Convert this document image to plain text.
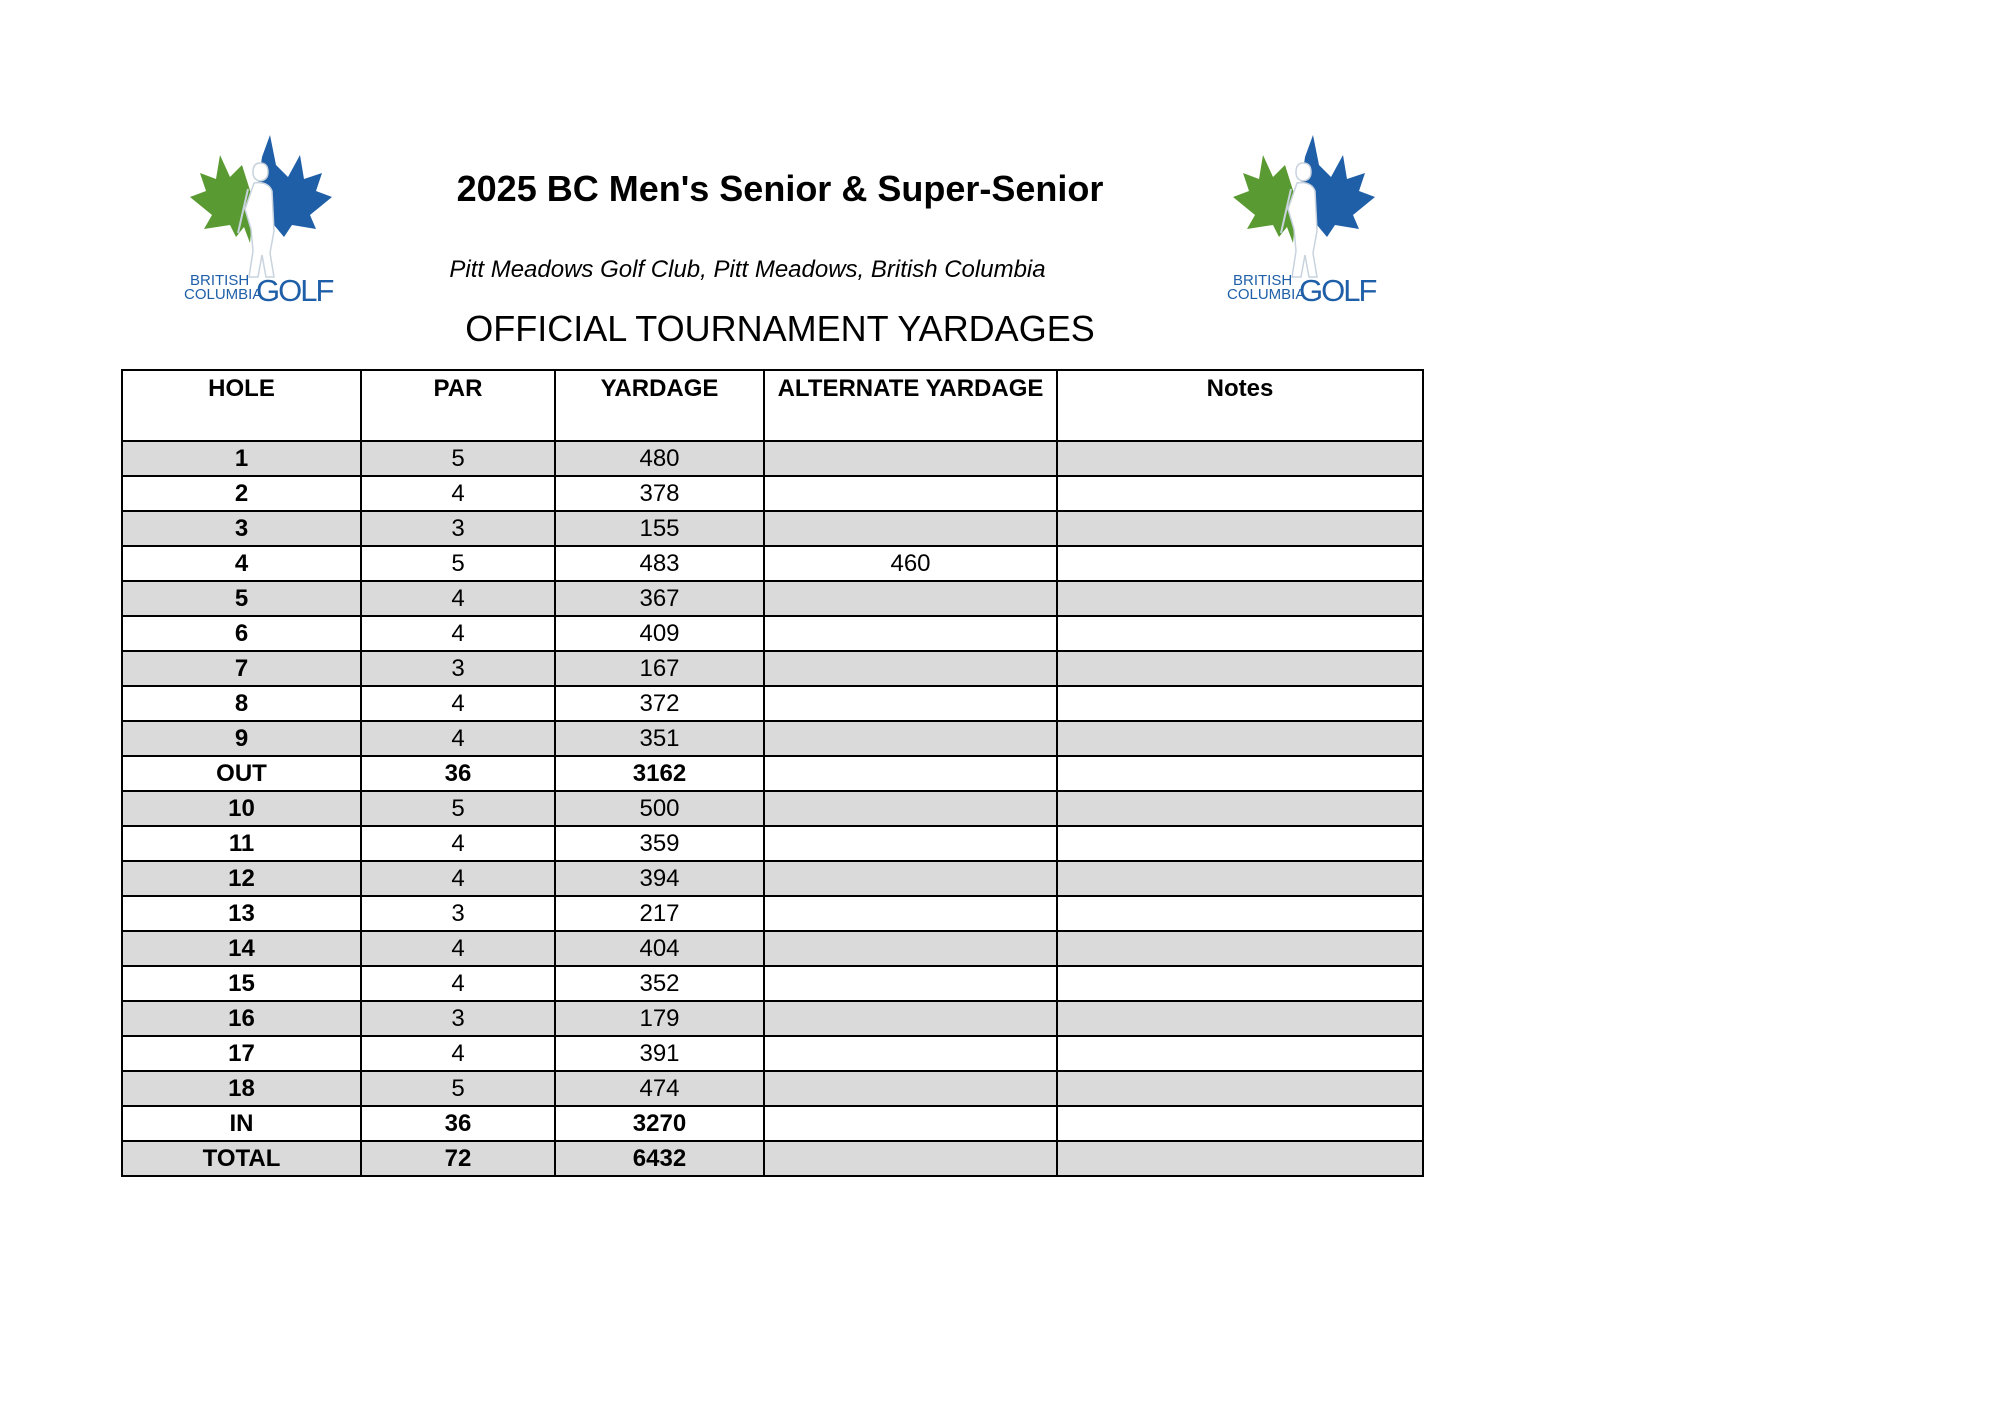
BRITISH
COLUMBIA
GOLF	BRITISH
COLUMBIA
GOLF
2025 BC Men's Senior & Super-Senior
Pitt Meadows Golf Club, Pitt Meadows, British Columbia
OFFICIAL TOURNAMENT YARDAGES
HOLE	PAR	YARDAGE	ALTERNATE YARDAGE	Notes
1	5	480		
2	4	378		
3	3	155		
4	5	483	460	
5	4	367		
6	4	409		
7	3	167		
8	4	372		
9	4	351		
OUT	36	3162		
10	5	500		
11	4	359		
12	4	394		
13	3	217		
14	4	404		
15	4	352		
16	3	179		
17	4	391		
18	5	474		
IN	36	3270		
TOTAL	72	6432		
